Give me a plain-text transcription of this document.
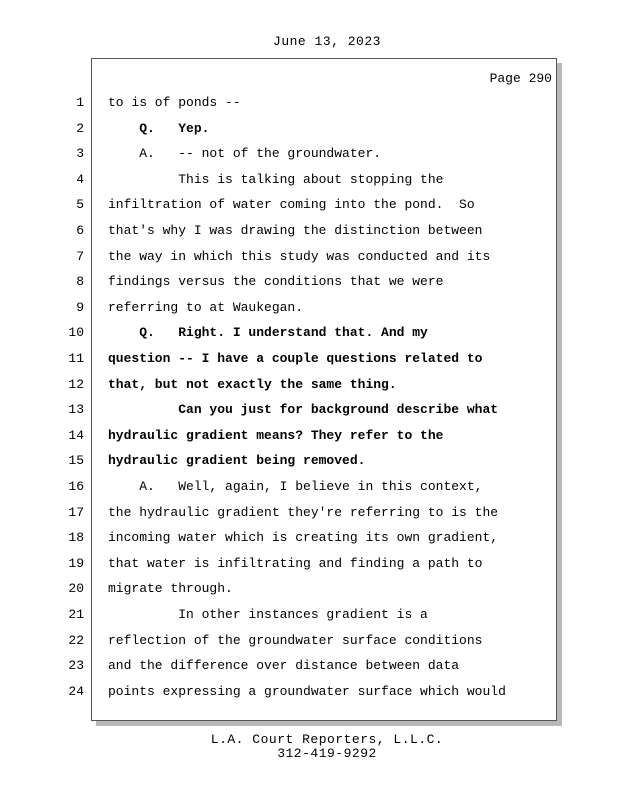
June 13, 2023
Page 290
1 to is of ponds --
2 Q.   Yep.
3 A.   -- not of the groundwater.
4 This is talking about stopping the
5 infiltration of water coming into the pond.  So
6 that's why I was drawing the distinction between
7 the way in which this study was conducted and its
8 findings versus the conditions that we were
9 referring to at Waukegan.
10 Q.   Right. I understand that. And my
11 question -- I have a couple questions related to
12 that, but not exactly the same thing.
13 Can you just for background describe what
14 hydraulic gradient means? They refer to the
15 hydraulic gradient being removed.
16 A.   Well, again, I believe in this context,
17 the hydraulic gradient they're referring to is the
18 incoming water which is creating its own gradient,
19 that water is infiltrating and finding a path to
20 migrate through.
21 In other instances gradient is a
22 reflection of the groundwater surface conditions
23 and the difference over distance between data
24 points expressing a groundwater surface which would
L.A. Court Reporters, L.L.C.
312-419-9292
